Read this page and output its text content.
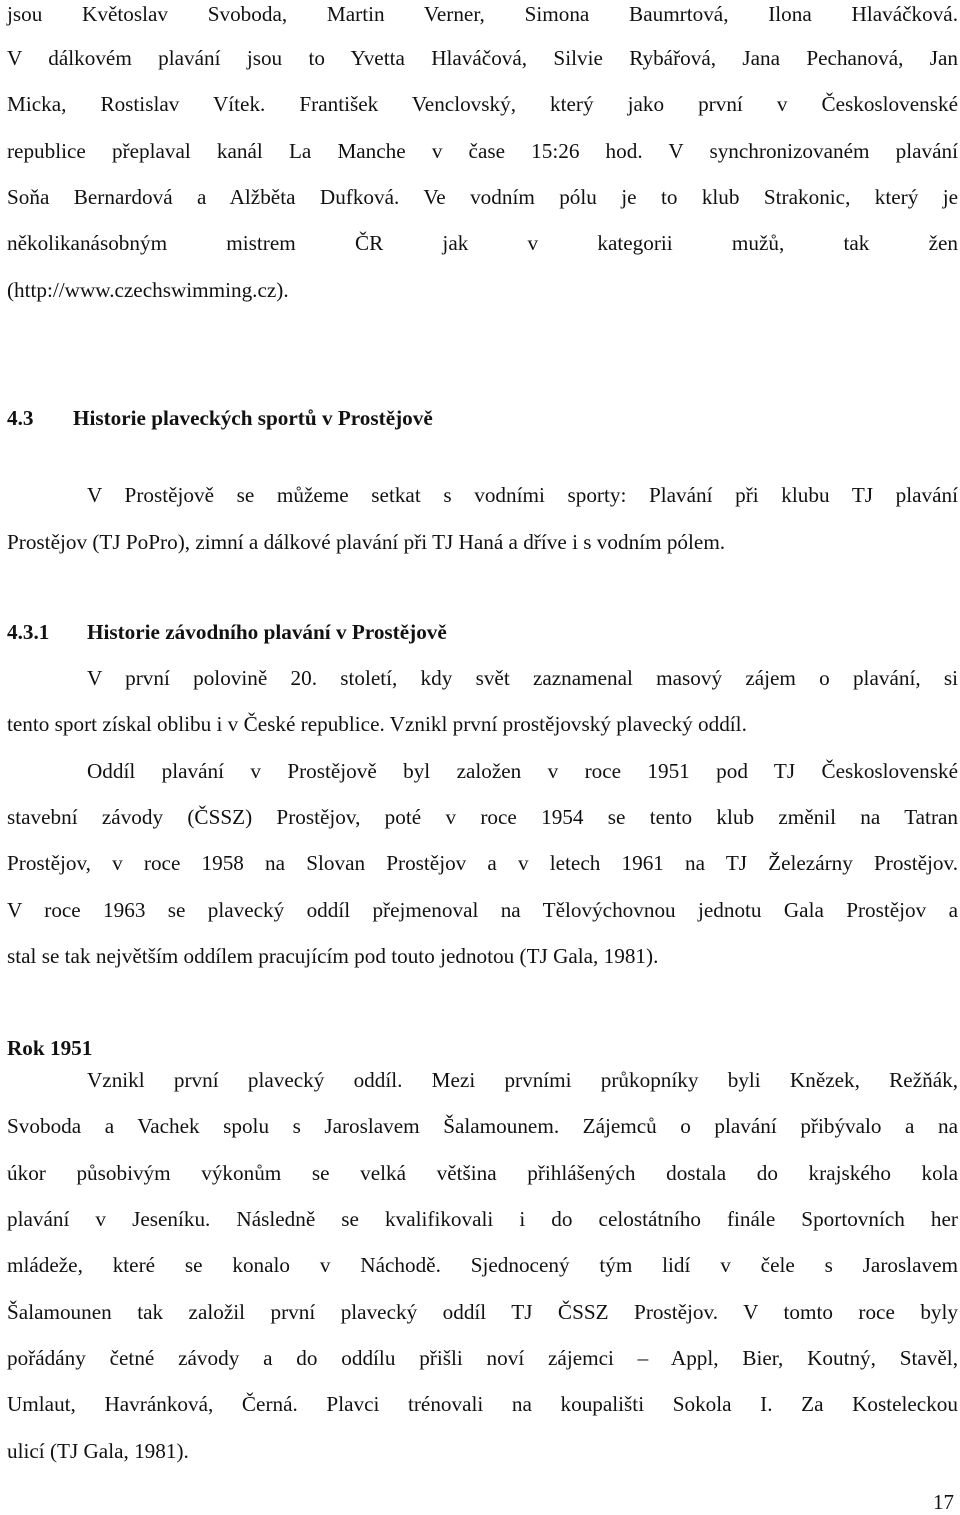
jsou Květoslav Svoboda, Martin Verner, Simona Baumrtová, Ilona Hlaváčková.
V dálkovém plavání jsou to Yvetta Hlaváčová, Silvie Rybářová, Jana Pechanová, Jan
Micka, Rostislav Vítek. František Venclovský, který jako první v Československé
republice přeplaval kanál La Manche v čase 15:26 hod. V synchronizovaném plavání
Soňa Bernardová a Alžběta Dufková. Ve vodním pólu je to klub Strakonic, který je
několikanásobným mistrem ČR jak v kategorii mužů, tak žen
(http://www.czechswimming.cz).
4.3 Historie plaveckých sportů v Prostějově
V Prostějově se můžeme setkat s vodními sporty: Plavání při klubu TJ plavání
Prostějov (TJ PoPro), zimní a dálkové plavání při TJ Haná a dříve i s vodním pólem.
4.3.1 Historie závodního plavání v Prostějově
V první polovině 20. století, kdy svět zaznamenal masový zájem o plavání, si
tento sport získal oblibu i v České republice. Vznikl první prostějovský plavecký oddíl.
Oddíl plavání v Prostějově byl založen v roce 1951 pod TJ Československé
stavební závody (ČSSZ) Prostějov, poté v roce 1954 se tento klub změnil na Tatran
Prostějov, v roce 1958 na Slovan Prostějov a v letech 1961 na TJ Železárny Prostějov.
V roce 1963 se plavecký oddíl přejmenoval na Tělovýchovnou jednotu Gala Prostějov a
stal se tak největším oddílem pracujícím pod touto jednotou (TJ Gala, 1981).
Rok 1951
Vznikl první plavecký oddíl. Mezi prvními průkopníky byli Knězek, Režňák,
Svoboda a Vachek spolu s Jaroslavem Šalamounem. Zájemců o plavání přibývalo a na
úkor působivým výkonům se velká většina přihlášených dostala do krajského kola
plavání v Jeseníku. Následně se kvalifikovali i do celostátního finále Sportovních her
mládeže, které se konalo v Náchodě. Sjednocený tým lidí v čele s Jaroslavem
Šalamounen tak založil první plavecký oddíl TJ ČSSZ Prostějov. V tomto roce byly
pořádány četné závody a do oddílu přišli noví zájemci – Appl, Bier, Koutný, Stavěl,
Umlaut, Havránková, Černá. Plavci trénovali na koupališti Sokola I. Za Kosteleckou
ulicí (TJ Gala, 1981).
17
